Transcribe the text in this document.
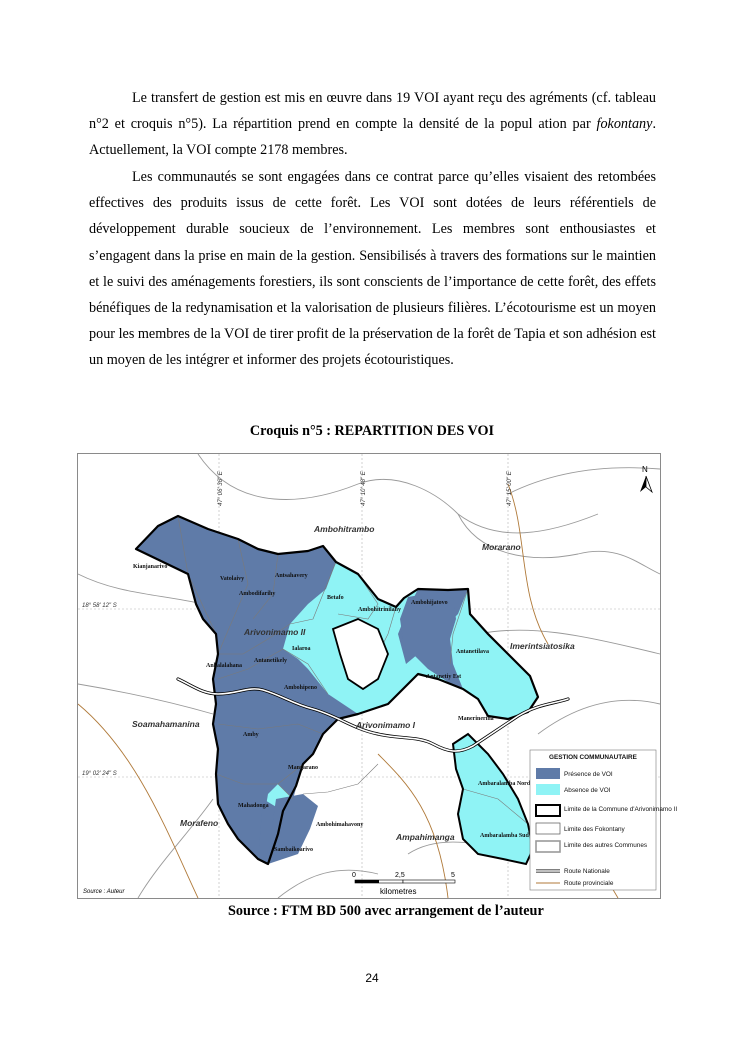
Le transfert de gestion est mis en œuvre dans 19 VOI ayant reçu des agréments (cf. tableau n°2 et croquis n°5). La répartition prend en compte la densité de la popul ation par fokontany. Actuellement, la VOI compte 2178 membres.

Les communautés se sont engagées dans ce contrat parce qu’elles visaient des retombées effectives des produits issus de cette forêt. Les VOI sont dotées de leurs référentiels de développement durable soucieux de l’environnement. Les membres sont enthousiastes et s’engagent dans la prise en main de la gestion. Sensibilisés à travers des formations sur le maintien et le suivi des aménagements forestiers, ils sont conscients de l’importance de cette forêt, des effets bénéfiques de la redynamisation et la valorisation de plusieurs filières. L’écotourisme est un moyen pour les membres de la VOI de tirer profit de la préservation de la forêt de Tapia et son adhésion est un moyen de les intégrer et informer des projets écotouristiques.

Croquis n°5 : REPARTITION DES VOI
47° 06' 36" E	47° 10' 48" E	47° 15' 00" E
18° 58' 12" S
19° 02' 24" S
N
Ambohitrambo
Morarano
Imerintsiatosika
Soamahamanina	Arivonimamo I
Arivonimamo II
Morafeno
Ampahimanga
Kianjanarivo
Vatolaivy	Antsahavery
Ambodifarihy
Betafo
Ambohitrinilahy
Ambohijatovo
Antanetilava
Antanetiy Est
Manerinerina
Ialaroa
Ankalalahana
Antanetikely
Ambohipeno
Amby
Mangarano
Mahadonga
Ambohimahavony
Sambaikoarivo
Ambaralamba Nord
Ambaralamba Sud
GESTION COMMUNAUTAIRE
Présence de VOI
Absence de VOI
Limite de la Commune d'Arivonimamo II
Limite des Fokontany
Limite des autres Communes
Route Nationale
Route provinciale
0	2,5	5
kilometres
Source : Auteur
Source : FTM BD 500 avec arrangement de l’auteur
24
